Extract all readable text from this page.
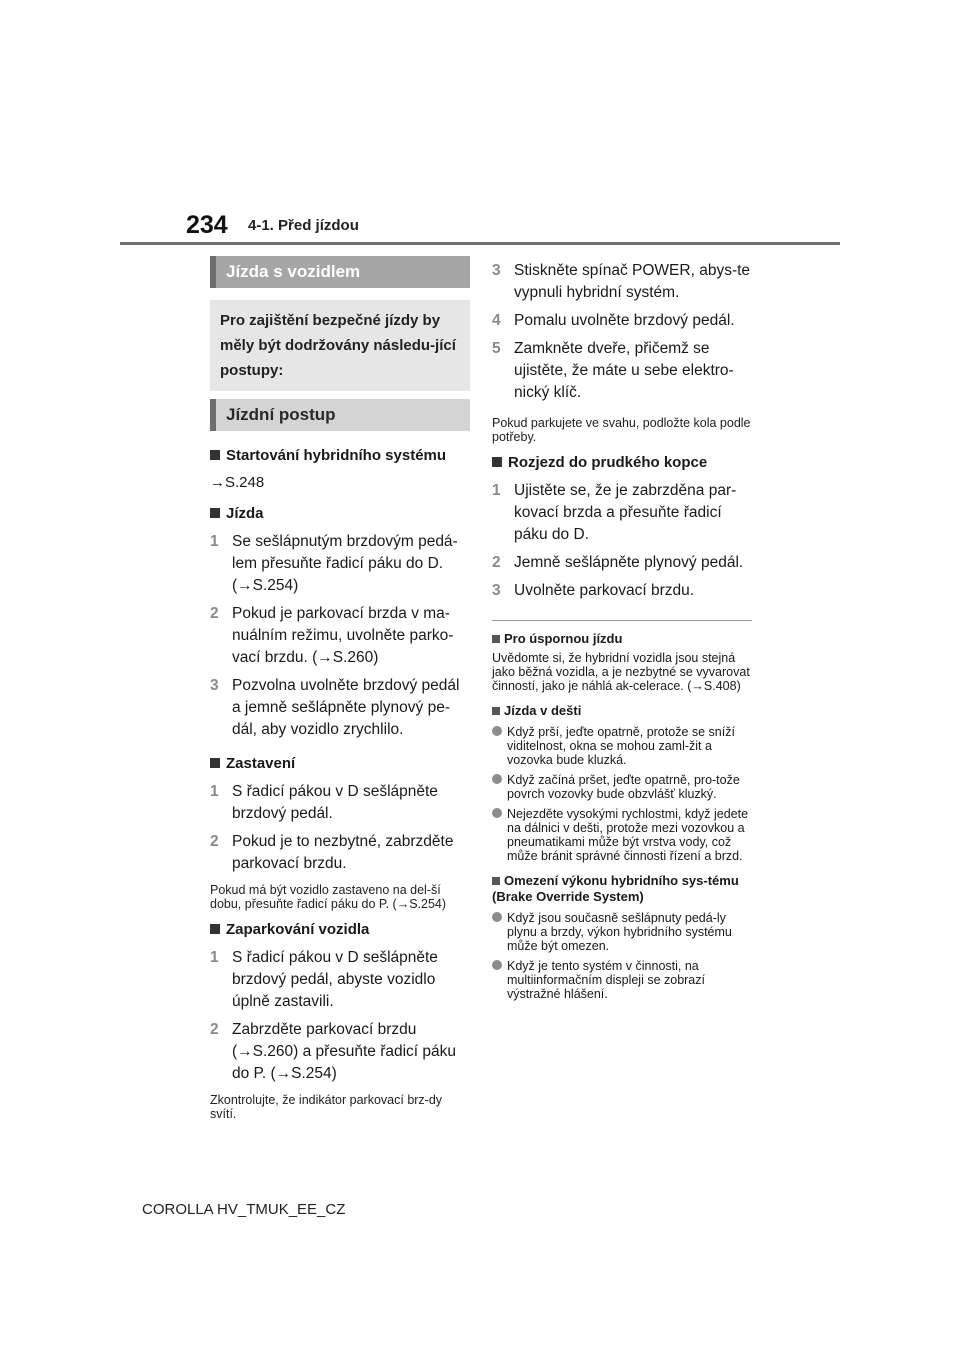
234 4-1. Před jízdou
Jízda s vozidlem
Pro zajištění bezpečné jízdy by měly být dodržovány následu-jící postupy:
Jízdní postup
Startování hybridního systému
→S.248
Jízda
1 Se sešlápnutým brzdovým pedá-lem přesuňte řadicí páku do D. (→S.254)
2 Pokud je parkovací brzda v ma-nuálním režimu, uvolněte parko-vací brzdu. (→S.260)
3 Pozvolna uvolněte brzdový pedál a jemně sešlápněte plynový pe-dál, aby vozidlo zrychlilo.
Zastavení
1 S řadicí pákou v D sešlápněte brzdový pedál.
2 Pokud je to nezbytné, zabrzděte parkovací brzdu.
Pokud má být vozidlo zastaveno na del-ší dobu, přesuňte řadicí páku do P. (→S.254)
Zaparkování vozidla
1 S řadicí pákou v D sešlápněte brzdový pedál, abyste vozidlo úplně zastavili.
2 Zabrzděte parkovací brzdu (→S.260) a přesuňte řadicí páku do P. (→S.254)
Zkontrolujte, že indikátor parkovací brz-dy svítí.
3 Stiskněte spínač POWER, abys-te vypnuli hybridní systém.
4 Pomalu uvolněte brzdový pedál.
5 Zamkněte dveře, přičemž se ujistěte, že máte u sebe elektro-nický klíč.
Pokud parkujete ve svahu, podložte kola podle potřeby.
Rozjezd do prudkého kopce
1 Ujistěte se, že je zabrzděna par-kovací brzda a přesuňte řadicí páku do D.
2 Jemně sešlápněte plynový pedál.
3 Uvolněte parkovací brzdu.
Pro úspornou jízdu
Uvědomte si, že hybridní vozidla jsou stejná jako běžná vozidla, a je nezbytné se vyvarovat činností, jako je náhlá ak-celerace. (→S.408)
Jízda v dešti
Když prší, jeďte opatrně, protože se sníží viditelnost, okna se mohou zaml-žit a vozovka bude kluzká.
Když začíná pršet, jeďte opatrně, pro-tože povrch vozovky bude obzvlášť kluzký.
Nejezděte vysokými rychlostmi, když jedete na dálnici v dešti, protože mezi vozovkou a pneumatikami může být vrstva vody, což může bránit správné činnosti řízení a brzd.
Omezení výkonu hybridního sys-tému (Brake Override System)
Když jsou současně sešlápnuty pedá-ly plynu a brzdy, výkon hybridního systému může být omezen.
Když je tento systém v činnosti, na multiinformačním displeji se zobrazí výstražné hlášení.
COROLLA HV_TMUK_EE_CZ
